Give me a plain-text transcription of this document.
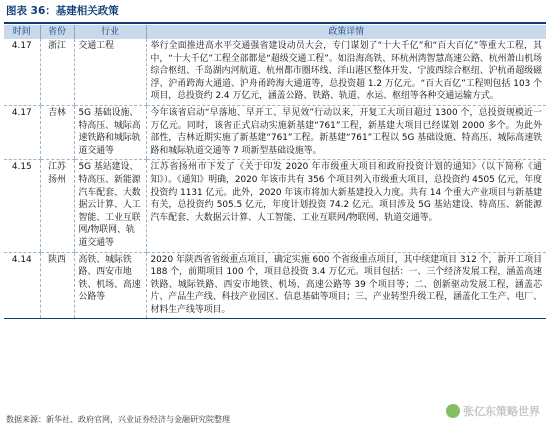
图表 36：基建相关政策
时间	省份	行业	政策详情
4.17	浙江	交通工程	举行全面推进高水平交通强省建设动员大会，专门谋划了“十大千亿”和“百大百亿”等重大工程，其中，“十大千亿”工程全部都是“超级交通工程”。如沿海高铁、环杭州湾智慧高速公路、杭州萧山机场综合枢纽、千岛湖内河航道、杭州都市圈环线、洋山港区整体开发、宁波西综合枢纽、沪杭甬超级磁浮、沪甬跨海大通道、沪舟甬跨海大通道等，总投资超 1.2 万亿元。“百大百亿”工程则包括 103 个项目，总投资约 2.4 万亿元，涵盖公路、铁路、轨道、水运、枢纽等各种交通运输方式。
4.17	吉林	5G 基础设施、特高压、城际高速铁路和城际轨道交通等	今年该省启动“早落地、早开工、早见效”行动以来，开复工大项目超过 1300 个，总投资规模近一万亿元。同时，该省正式启动实施新基建“761”工程，新基建大项目已经谋划 2000 多个。为此外部性，吉林近期实施了新基建“761”工程。新基建“761”工程以 5G 基础设施、特高压、城际高速铁路和城际轨道交通等 7 项新型基础设施等。
4.15	江苏扬州	5G 基站建设、特高压、新能源汽车配套、大数据云计算、人工智能、工业互联网/物联网、轨道交通等	江苏省扬州市下发了《关于印发 2020 年市级重大项目和政府投资计划的通知》（以下简称《通知》）。《通知》明确，2020 年该市共有 356 个项目列入市级重大项目，总投资约 4505 亿元，年度投资约 1131 亿元。此外，2020 年该市将加大新基建投入力度。共有 14 个重大产业项目与新基建有关，总投资约 505.5 亿元，年度计划投资 74.2 亿元。项目涉及 5G 基站建设、特高压、新能源汽车配套、大数据云计算、人工智能、工业互联网/物联网、轨道交通等。
4.14	陕西	高铁、城际铁路、西安市地铁、机场、高速公路等	2020 年陕西省省级重点项目，确定实施 600 个省级重点项目，其中续建项目 312 个，新开工项目 188 个，前期项目 100 个，项目总投资 3.4 万亿元。项目包括：一、三个经济发展工程，涵盖高速铁路、城际铁路、西安市地铁、机场、高速公路等 39 个项目等；二、创新驱动发展工程，涵盖芯片、产品生产线、科技产业园区、信息基础等项目；三、产业转型升级工程，涵盖化工生产、电厂、材料生产线等项目。
张亿东策略世界
数据来源：新华社、政府官网，兴业证券经济与金融研究院整理
